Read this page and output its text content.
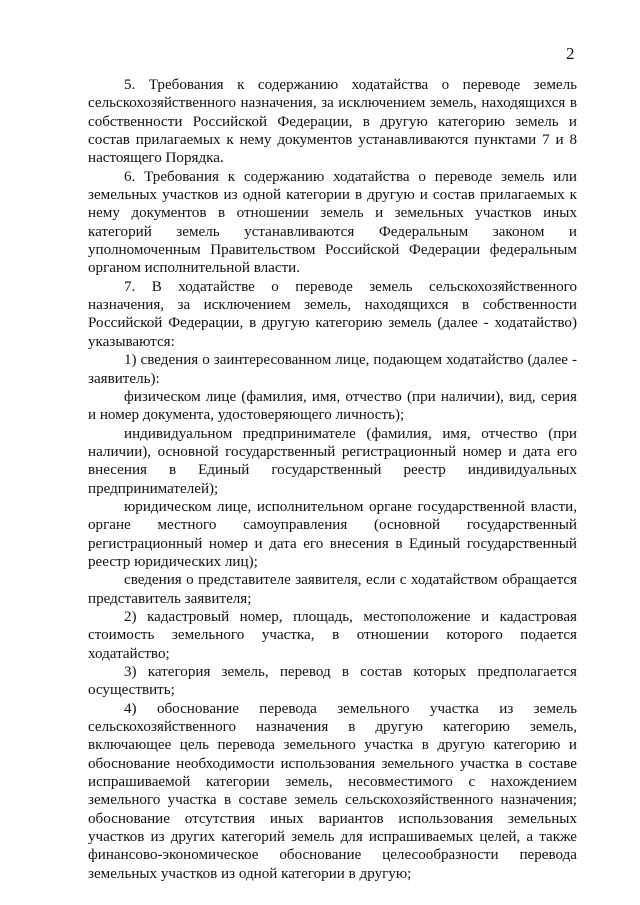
2

5. Требования к содержанию ходатайства о переводе земель сельскохозяйственного назначения, за исключением земель, находящихся в собственности Российской Федерации, в другую категорию земель и состав прилагаемых к нему документов устанавливаются пунктами 7 и 8 настоящего Порядка.

6. Требования к содержанию ходатайства о переводе земель или земельных участков из одной категории в другую и состав прилагаемых к нему документов в отношении земель и земельных участков иных категорий земель устанавливаются Федеральным законом и уполномоченным Правительством Российской Федерации федеральным органом исполнительной власти.

7. В ходатайстве о переводе земель сельскохозяйственного назначения, за исключением земель, находящихся в собственности Российской Федерации, в другую категорию земель (далее - ходатайство) указываются:

1) сведения о заинтересованном лице, подающем ходатайство (далее - заявитель):

физическом лице (фамилия, имя, отчество (при наличии), вид, серия и номер документа, удостоверяющего личность);

индивидуальном предпринимателе (фамилия, имя, отчество (при наличии), основной государственный регистрационный номер и дата его внесения в Единый государственный реестр индивидуальных предпринимателей);

юридическом лице, исполнительном органе государственной власти, органе местного самоуправления (основной государственный регистрационный номер и дата его внесения в Единый государственный реестр юридических лиц);

сведения о представителе заявителя, если с ходатайством обращается представитель заявителя;

2) кадастровый номер, площадь, местоположение и кадастровая стоимость земельного участка, в отношении которого подается ходатайство;

3) категория земель, перевод в состав которых предполагается осуществить;

4) обоснование перевода земельного участка из земель сельскохозяйственного назначения в другую категорию земель, включающее цель перевода земельного участка в другую категорию и обоснование необходимости использования земельного участка в составе испрашиваемой категории земель, несовместимого с нахождением земельного участка в составе земель сельскохозяйственного назначения; обоснование отсутствия иных вариантов использования земельных участков из других категорий земель для испрашиваемых целей, а также финансово-экономическое обоснование целесообразности перевода земельных участков из одной категории в другую;
